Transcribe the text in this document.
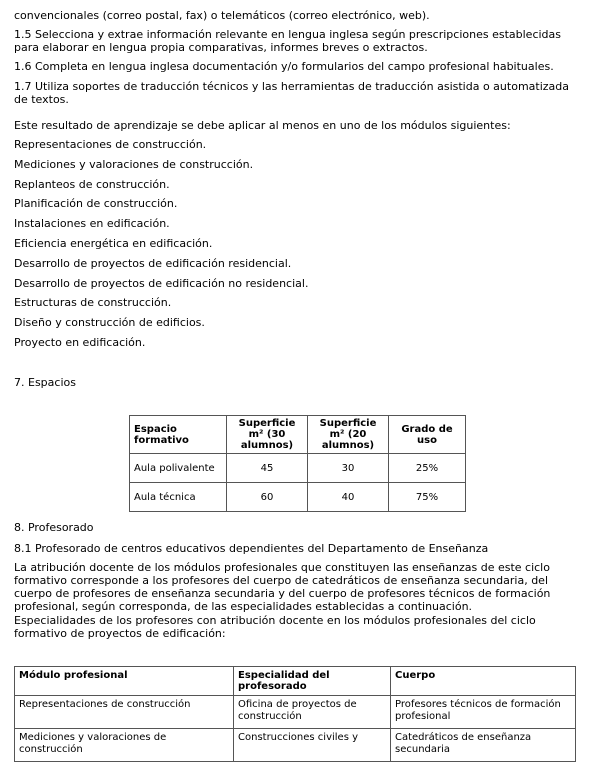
convencionales (correo postal, fax) o telemáticos (correo electrónico, web).

1.5 Selecciona y extrae información relevante en lengua inglesa según prescripciones establecidas para elaborar en lengua propia comparativas, informes breves o extractos.

1.6 Completa en lengua inglesa documentación y/o formularios del campo profesional habituales.

1.7 Utiliza soportes de traducción técnicos y las herramientas de traducción asistida o automatizada de textos.

Este resultado de aprendizaje se debe aplicar al menos en uno de los módulos siguientes:

Representaciones de construcción.
Mediciones y valoraciones de construcción.
Replanteos de construcción.
Planificación de construcción.
Instalaciones en edificación.
Eficiencia energética en edificación.
Desarrollo de proyectos de edificación residencial.
Desarrollo de proyectos de edificación no residencial.
Estructuras de construcción.
Diseño y construcción de edificios.
Proyecto en edificación.

7. Espacios

Espacio formativo	Superficie m² (30 alumnos)	Superficie m² (20 alumnos)	Grado de uso
Aula polivalente	45	30	25%
Aula técnica	60	40	75%

8. Profesorado

8.1 Profesorado de centros educativos dependientes del Departamento de Enseñanza

La atribución docente de los módulos profesionales que constituyen las enseñanzas de este ciclo formativo corresponde a los profesores del cuerpo de catedráticos de enseñanza secundaria, del cuerpo de profesores de enseñanza secundaria y del cuerpo de profesores técnicos de formación profesional, según corresponda, de las especialidades establecidas a continuación.

Especialidades de los profesores con atribución docente en los módulos profesionales del ciclo formativo de proyectos de edificación:

Módulo profesional	Especialidad del profesorado	Cuerpo
Representaciones de construcción	Oficina de proyectos de construcción	Profesores técnicos de formación profesional
Mediciones y valoraciones de construcción	Construcciones civiles y	Catedráticos de enseñanza secundaria
